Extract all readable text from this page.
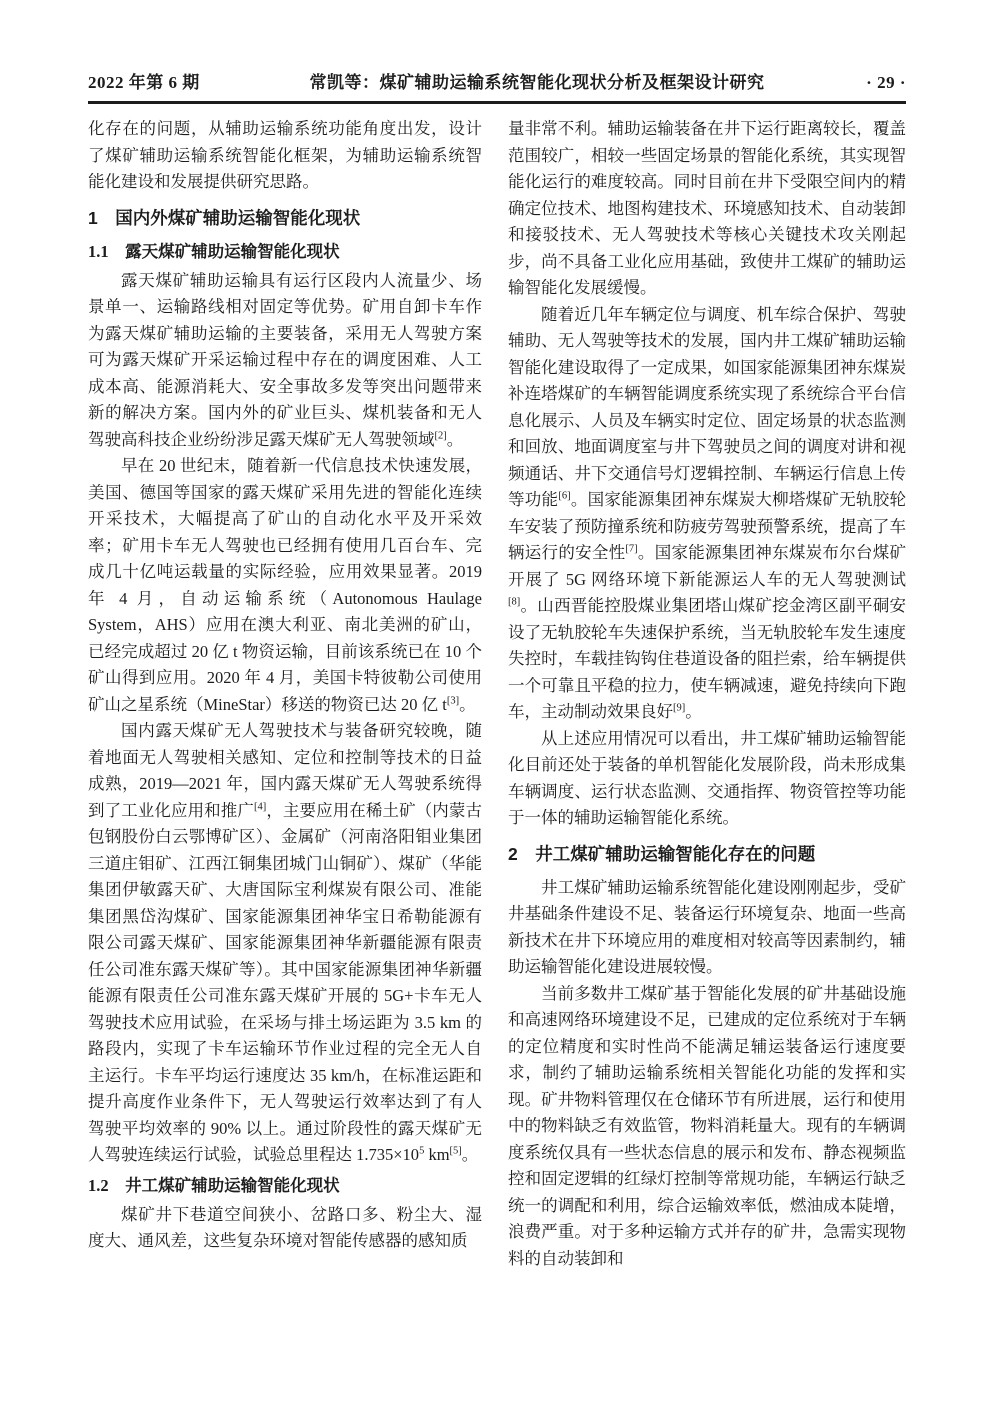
2022 年第 6 期	常凯等：煤矿辅助运输系统智能化现状分析及框架设计研究	· 29 ·

化存在的问题，从辅助运输系统功能角度出发，设计了煤矿辅助运输系统智能化框架，为辅助运输系统智能化建设和发展提供研究思路。

1　国内外煤矿辅助运输智能化现状
1.1　露天煤矿辅助运输智能化现状

露天煤矿辅助运输具有运行区段内人流量少、场景单一、运输路线相对固定等优势。矿用自卸卡车作为露天煤矿辅助运输的主要装备，采用无人驾驶方案可为露天煤矿开采运输过程中存在的调度困难、人工成本高、能源消耗大、安全事故多发等突出问题带来新的解决方案。国内外的矿业巨头、煤机装备和无人驾驶高科技企业纷纷涉足露天煤矿无人驾驶领域[2]。

早在 20 世纪末，随着新一代信息技术快速发展，美国、德国等国家的露天煤矿采用先进的智能化连续开采技术，大幅提高了矿山的自动化水平及开采效率；矿用卡车无人驾驶也已经拥有使用几百台车、完成几十亿吨运载量的实际经验，应用效果显著。2019 年 4 月，自动运输系统（Autonomous Haulage System，AHS）应用在澳大利亚、南北美洲的矿山，已经完成超过 20 亿 t 物资运输，目前该系统已在 10 个矿山得到应用。2020 年 4 月，美国卡特彼勒公司使用矿山之星系统（MineStar）移送的物资已达 20 亿 t[3]。

国内露天煤矿无人驾驶技术与装备研究较晚，随着地面无人驾驶相关感知、定位和控制等技术的日益成熟，2019—2021 年，国内露天煤矿无人驾驶系统得到了工业化应用和推广[4]，主要应用在稀土矿（内蒙古包钢股份白云鄂博矿区）、金属矿（河南洛阳钼业集团三道庄钼矿、江西江铜集团城门山铜矿）、煤矿（华能集团伊敏露天矿、大唐国际宝利煤炭有限公司、准能集团黑岱沟煤矿、国家能源集团神华宝日希勒能源有限公司露天煤矿、国家能源集团神华新疆能源有限责任公司准东露天煤矿等）。其中国家能源集团神华新疆能源有限责任公司准东露天煤矿开展的 5G+卡车无人驾驶技术应用试验，在采场与排土场运距为 3.5 km 的路段内，实现了卡车运输环节作业过程的完全无人自主运行。卡车平均运行速度达 35 km/h，在标准运距和提升高度作业条件下，无人驾驶运行效率达到了有人驾驶平均效率的 90% 以上。通过阶段性的露天煤矿无人驾驶连续运行试验，试验总里程达 $1.735\times 10^5$ km[5]。

1.2　井工煤矿辅助运输智能化现状

煤矿井下巷道空间狭小、岔路口多、粉尘大、湿度大、通风差，这些复杂环境对智能传感器的感知质

量非常不利。辅助运输装备在井下运行距离较长，覆盖范围较广，相较一些固定场景的智能化系统，其实现智能化运行的难度较高。同时目前在井下受限空间内的精确定位技术、地图构建技术、环境感知技术、自动装卸和接驳技术、无人驾驶技术等核心关键技术攻关刚起步，尚不具备工业化应用基础，致使井工煤矿的辅助运输智能化发展缓慢。

随着近几年车辆定位与调度、机车综合保护、驾驶辅助、无人驾驶等技术的发展，国内井工煤矿辅助运输智能化建设取得了一定成果，如国家能源集团神东煤炭补连塔煤矿的车辆智能调度系统实现了系统综合平台信息化展示、人员及车辆实时定位、固定场景的状态监测和回放、地面调度室与井下驾驶员之间的调度对讲和视频通话、井下交通信号灯逻辑控制、车辆运行信息上传等功能[6]。国家能源集团神东煤炭大柳塔煤矿无轨胶轮车安装了预防撞系统和防疲劳驾驶预警系统，提高了车辆运行的安全性[7]。国家能源集团神东煤炭布尔台煤矿开展了 5G 网络环境下新能源运人车的无人驾驶测试[8]。山西晋能控股煤业集团塔山煤矿挖金湾区副平硐安设了无轨胶轮车失速保护系统，当无轨胶轮车发生速度失控时，车载挂钩钩住巷道设备的阻拦索，给车辆提供一个可靠且平稳的拉力，使车辆减速，避免持续向下跑车，主动制动效果良好[9]。

从上述应用情况可以看出，井工煤矿辅助运输智能化目前还处于装备的单机智能化发展阶段，尚未形成集车辆调度、运行状态监测、交通指挥、物资管控等功能于一体的辅助运输智能化系统。

2　井工煤矿辅助运输智能化存在的问题

井工煤矿辅助运输系统智能化建设刚刚起步，受矿井基础条件建设不足、装备运行环境复杂、地面一些高新技术在井下环境应用的难度相对较高等因素制约，辅助运输智能化建设进展较慢。

当前多数井工煤矿基于智能化发展的矿井基础设施和高速网络环境建设不足，已建成的定位系统对于车辆的定位精度和实时性尚不能满足辅运装备运行速度要求，制约了辅助运输系统相关智能化功能的发挥和实现。矿井物料管理仅在仓储环节有所进展，运行和使用中的物料缺乏有效监管，物料消耗量大。现有的车辆调度系统仅具有一些状态信息的展示和发布、静态视频监控和固定逻辑的红绿灯控制等常规功能，车辆运行缺乏统一的调配和利用，综合运输效率低，燃油成本陡增，浪费严重。对于多种运输方式并存的矿井，急需实现物料的自动装卸和
